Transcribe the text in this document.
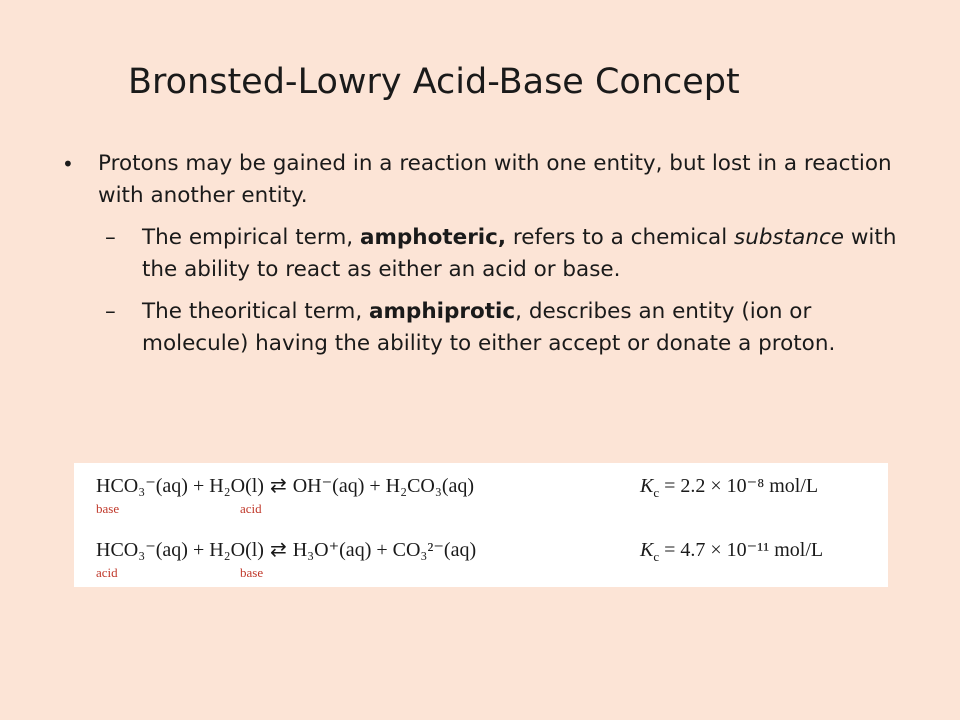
Bronsted-Lowry Acid-Base Concept
• Protons may be gained in a reaction with one entity, but lost in a reaction with another entity.
– The empirical term, amphoteric, refers to a chemical substance with the ability to react as either an acid or base.
– The theoritical term, amphiprotic, describes an entity (ion or molecule) having the ability to either accept or donate a proton.
HCO₃⁻(aq) + H₂O(l) ⇄ OH⁻(aq) + H₂CO₃(aq)	$K_c = 2.2 \times 10^{-8}$ mol/L
base	acid
HCO₃⁻(aq) + H₂O(l) ⇄ H₃O⁺(aq) + CO₃²⁻(aq)	$K_c = 4.7 \times 10^{-11}$ mol/L
acid	base
